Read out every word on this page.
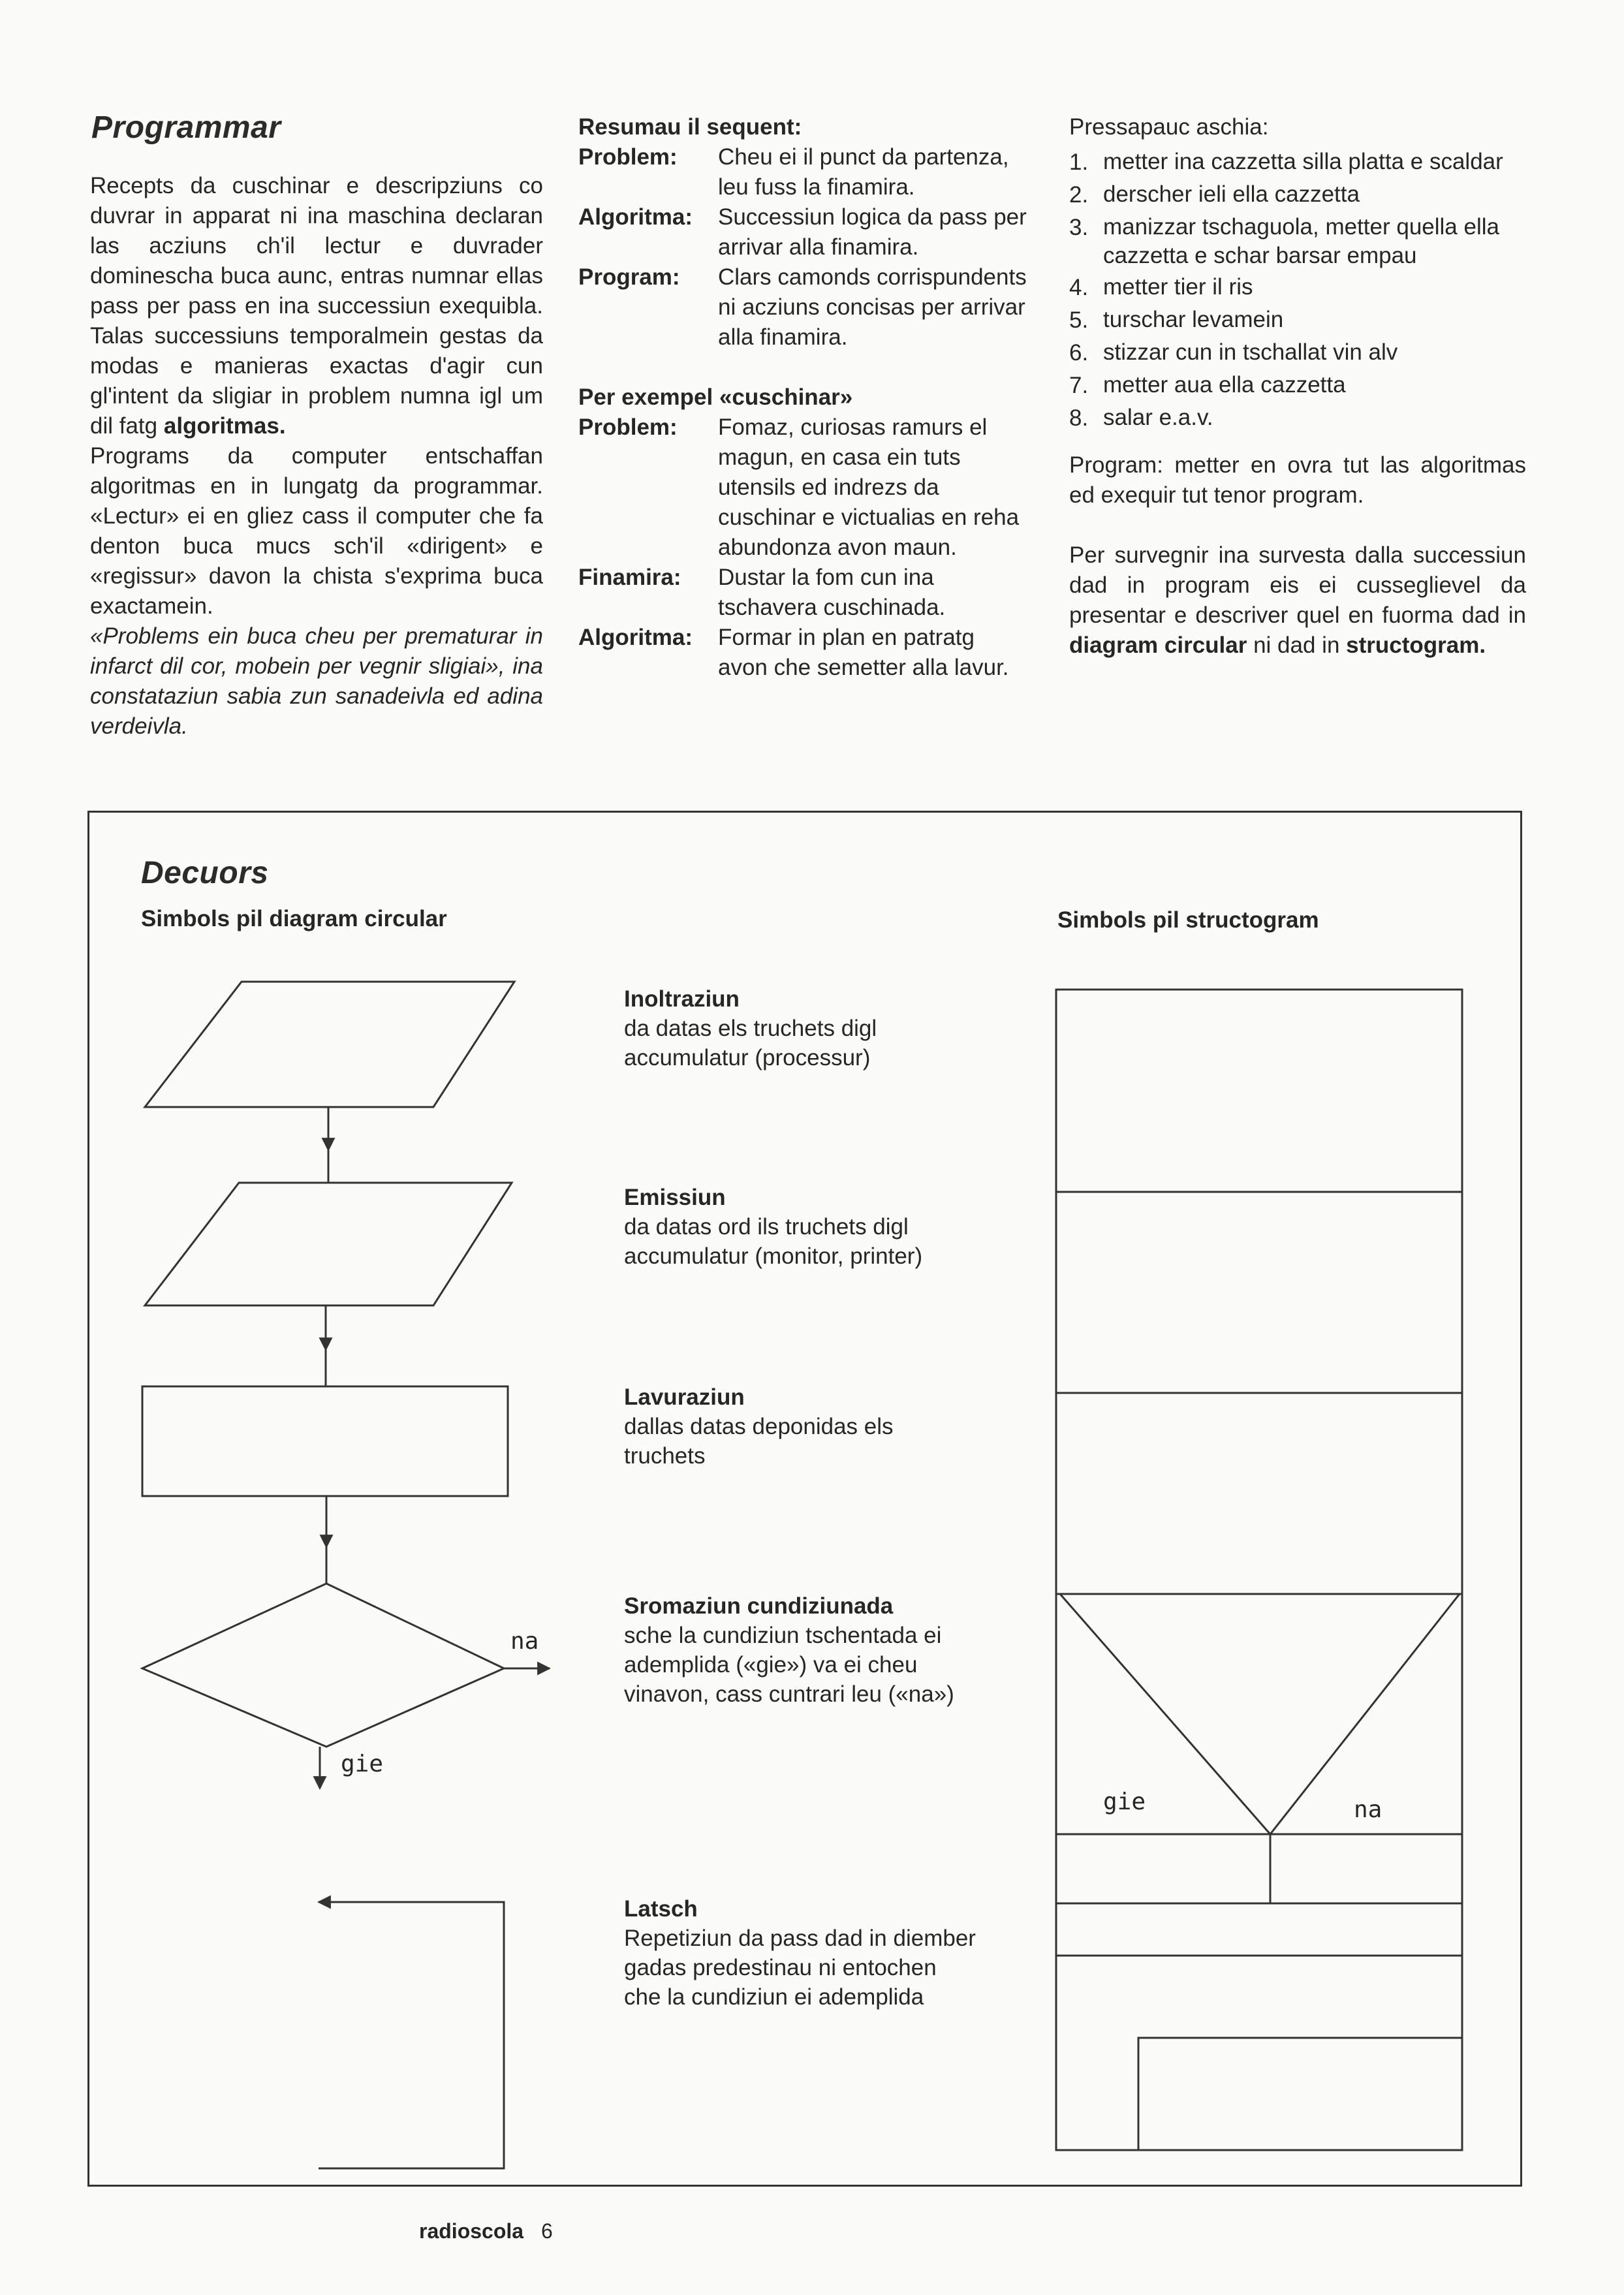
Programmar

Recepts da cuschinar e descripziuns co duvrar in apparat ni ina maschina declaran las acziuns ch'il lectur e duvrader dominescha buca aunc, entras numnar ellas pass per pass en ina successiun exequibla. Talas successiuns temporalmein gestas da modas e manieras exactas d'agir cun gl'intent da sligiar in problem numna igl um dil fatg algoritmas.

Programs da computer entschaffan algoritmas en in lungatg da programmar. «Lectur» ei en gliez cass il computer che fa denton buca mucs sch'il «dirigent» e «regissur» davon la chista s'exprima buca exactamein.

«Problems ein buca cheu per prematurar in infarct dil cor, mobein per vegnir sligiai», ina constataziun sabia zun sanadeivla ed adina verdeivla.

Resumau il sequent:
Problem:	Cheu ei il punct da partenza, leu fuss la finamira.
Algoritma:	Successiun logica da pass per arrivar alla finamira.
Program:	Clars camonds corrispundents ni acziuns concisas per arrivar alla finamira.
Per exempel «cuschinar»
Problem:	Fomaz, curiosas ramurs el magun, en casa ein tuts utensils ed indrezs da cuschinar e victualias en reha abundonza avon maun.
Finamira:	Dustar la fom cun ina tschavera cuschinada.
Algoritma:	Formar in plan en patratg avon che semetter alla lavur.
Pressapauc aschia:
1. metter ina cazzetta silla platta e scaldar
2. derscher ieli ella cazzetta
3. manizzar tschaguola, metter quella ella cazzetta e schar barsar empau
4. metter tier il ris
5. turschar levamein
6. stizzar cun in tschallat vin alv
7. metter aua ella cazzetta
8. salar e.a.v.

Program: metter en ovra tut las algoritmas ed exequir tut tenor program.

Per survegnir ina survesta dalla successiun dad in program eis ei cusseglievel da presentar e descriver quel en fuorma dad in diagram circular ni dad in structogram.

Decuors
Simbols pil diagram circular	Simbols pil structogram
Inoltraziun
da datas els truchets digl accumulatur (processur)
Emissiun
da datas ord ils truchets digl accumulatur (monitor, printer)
Lavuraziun
dallas datas deponidas els truchets
Sromaziun cundiziunada
sche la cundiziun tschentada ei ademplida («gie») va ei cheu vinavon, cass cuntrari leu («na»)
Latsch
Repetiziun da pass dad in diember gadas predestinau ni entochen che la cundiziun ei ademplida
na
gie
gie	na
radioscola 6
